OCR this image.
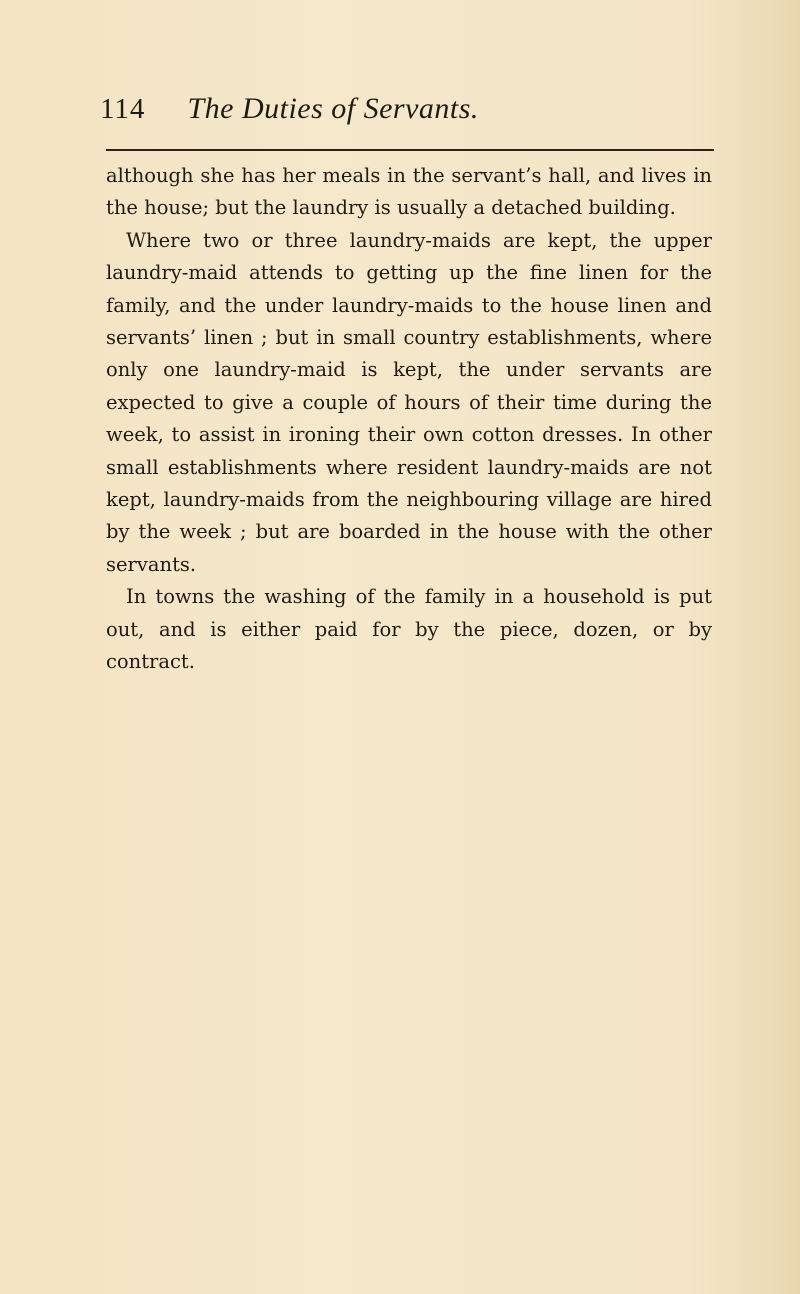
114 The Duties of Servants.

although she has her meals in the servant’s hall, and lives in the house; but the laundry is usually a detached building.

Where two or three laundry-maids are kept, the upper laundry-maid attends to getting up the fine linen for the family, and the under laundry-maids to the house linen and servants’ linen ; but in small country establishments, where only one laundry-maid is kept, the under servants are expected to give a couple of hours of their time during the week, to assist in ironing their own cotton dresses. In other small establishments where resident laundry-maids are not kept, laundry-maids from the neighbouring village are hired by the week ; but are boarded in the house with the other servants.

In towns the washing of the family in a household is put out, and is either paid for by the piece, dozen, or by contract.
